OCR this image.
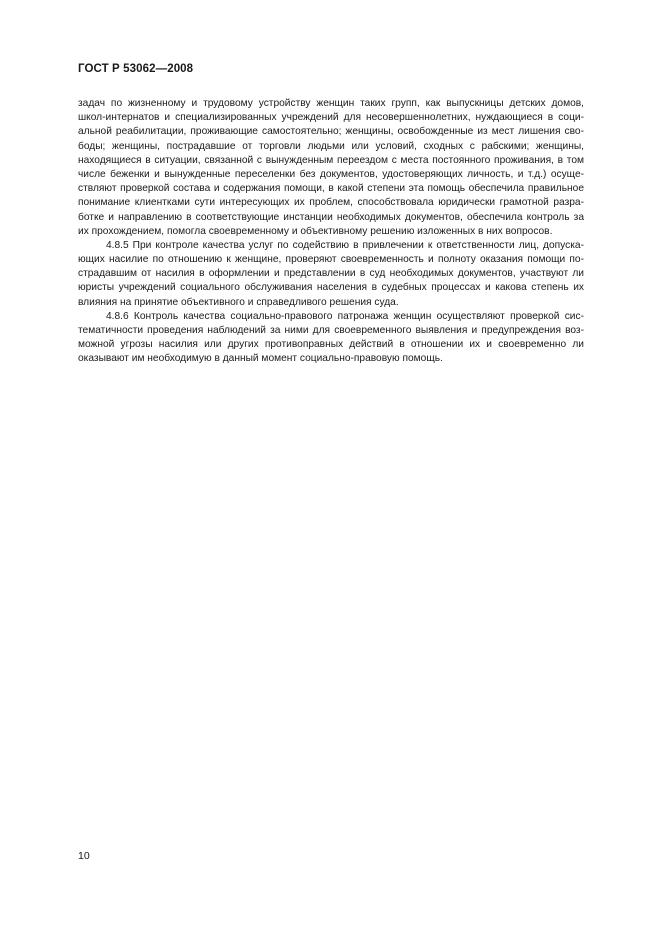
ГОСТ Р 53062—2008
задач по жизненному и трудовому устройству женщин таких групп, как выпускницы детских домов,
школ-интернатов и специализированных учреждений для несовершеннолетних, нуждающиеся в соци-
альной реабилитации, проживающие самостоятельно; женщины, освобожденные из мест лишения сво-
боды; женщины, пострадавшие от торговли людьми или условий, сходных с рабскими; женщины,
находящиеся в ситуации, связанной с вынужденным переездом с места постоянного проживания, в том
числе беженки и вынужденные переселенки без документов, удостоверяющих личность, и т.д.) осуще-
ствляют проверкой состава и содержания помощи, в какой степени эта помощь обеспечила правильное
понимание клиентками сути интересующих их проблем, способствовала юридически грамотной разра-
ботке и направлению в соответствующие инстанции необходимых документов, обеспечила контроль за
их прохождением, помогла своевременному и объективному решению изложенных в них вопросов.
4.8.5 При контроле качества услуг по содействию в привлечении к ответственности лиц, допуска-
ющих насилие по отношению к женщине, проверяют своевременность и полноту оказания помощи по-
страдавшим от насилия в оформлении и представлении в суд необходимых документов, участвуют ли
юристы учреждений социального обслуживания населения в судебных процессах и какова степень их
влияния на принятие объективного и справедливого решения суда.
4.8.6 Контроль качества социально-правового патронажа женщин осуществляют проверкой сис-
тематичности проведения наблюдений за ними для своевременного выявления и предупреждения воз-
можной угрозы насилия или других противоправных действий в отношении их и своевременно ли
оказывают им необходимую в данный момент социально-правовую помощь.
10
